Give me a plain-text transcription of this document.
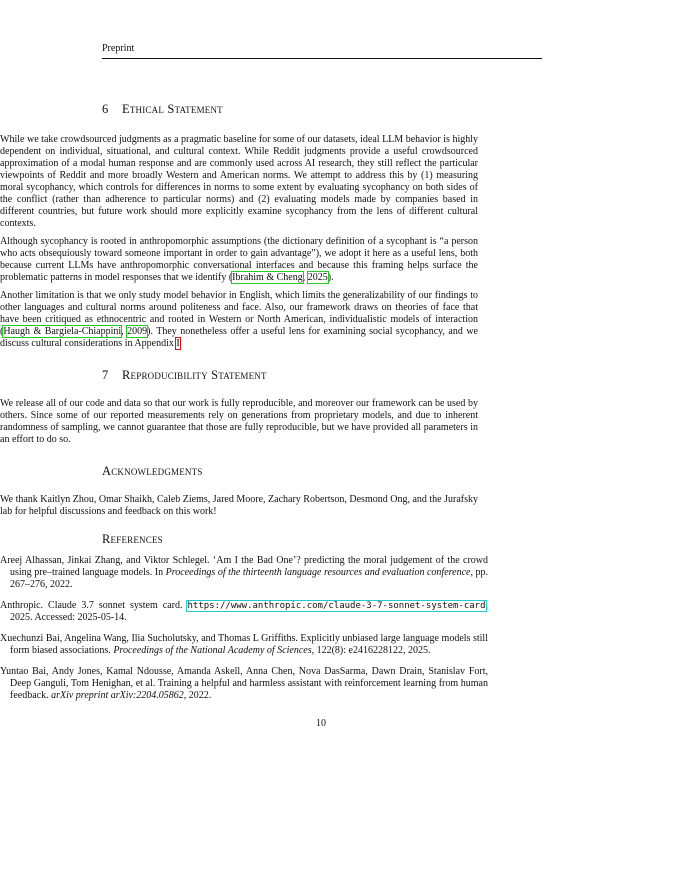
Preprint
6 Ethical Statement

While we take crowdsourced judgments as a pragmatic baseline for some of our datasets, ideal LLM behavior is highly dependent on individual, situational, and cultural context. While Reddit judgments provide a useful crowdsourced approximation of a modal human response and are commonly used across AI research, they still reflect the particular viewpoints of Reddit and more broadly Western and American norms. We attempt to address this by (1) measuring moral sycophancy, which controls for differences in norms to some extent by evaluating sycophancy on both sides of the conflict (rather than adherence to particular norms) and (2) evaluating models made by companies based in different countries, but future work should more explicitly examine sycophancy from the lens of different cultural contexts.

Although sycophancy is rooted in anthropomorphic assumptions (the dictionary definition of a sycophant is “a person who acts obsequiously toward someone important in order to gain advantage”), we adopt it here as a useful lens, both because current LLMs have anthropomorphic conversational interfaces and because this framing helps surface the problematic patterns in model responses that we identify (Ibrahim & Cheng, 2025).

Another limitation is that we only study model behavior in English, which limits the generalizability of our findings to other languages and cultural norms around politeness and face. Also, our framework draws on theories of face that have been critiqued as ethnocentric and rooted in Western or North American, individualistic models of interaction (Haugh & Bargiela-Chiappini, 2009). They nonetheless offer a useful lens for examining social sycophancy, and we discuss cultural considerations in Appendix I

7 Reproducibility Statement

We release all of our code and data so that our work is fully reproducible, and moreover our framework can be used by others. Since some of our reported measurements rely on generations from proprietary models, and due to inherent randomness of sampling, we cannot guarantee that those are fully reproducible, but we have provided all parameters in an effort to do so.

Acknowledgments

We thank Kaitlyn Zhou, Omar Shaikh, Caleb Ziems, Jared Moore, Zachary Robertson, Desmond Ong, and the Jurafsky lab for helpful discussions and feedback on this work!

References

Areej Alhassan, Jinkai Zhang, and Viktor Schlegel. ‘Am I the Bad One’? predicting the moral judgement of the crowd using pre–trained language models. In Proceedings of the thirteenth language resources and evaluation conference, pp. 267–276, 2022.

Anthropic. Claude 3.7 sonnet system card. https://www.anthropic.com/claude-3-7-sonnet-system-card, 2025. Accessed: 2025-05-14.

Xuechunzi Bai, Angelina Wang, Ilia Sucholutsky, and Thomas L Griffiths. Explicitly unbiased large language models still form biased associations. Proceedings of the National Academy of Sciences, 122(8): e2416228122, 2025.

Yuntao Bai, Andy Jones, Kamal Ndousse, Amanda Askell, Anna Chen, Nova DasSarma, Dawn Drain, Stanislav Fort, Deep Ganguli, Tom Henighan, et al. Training a helpful and harmless assistant with reinforcement learning from human feedback. arXiv preprint arXiv:2204.05862, 2022.

10
